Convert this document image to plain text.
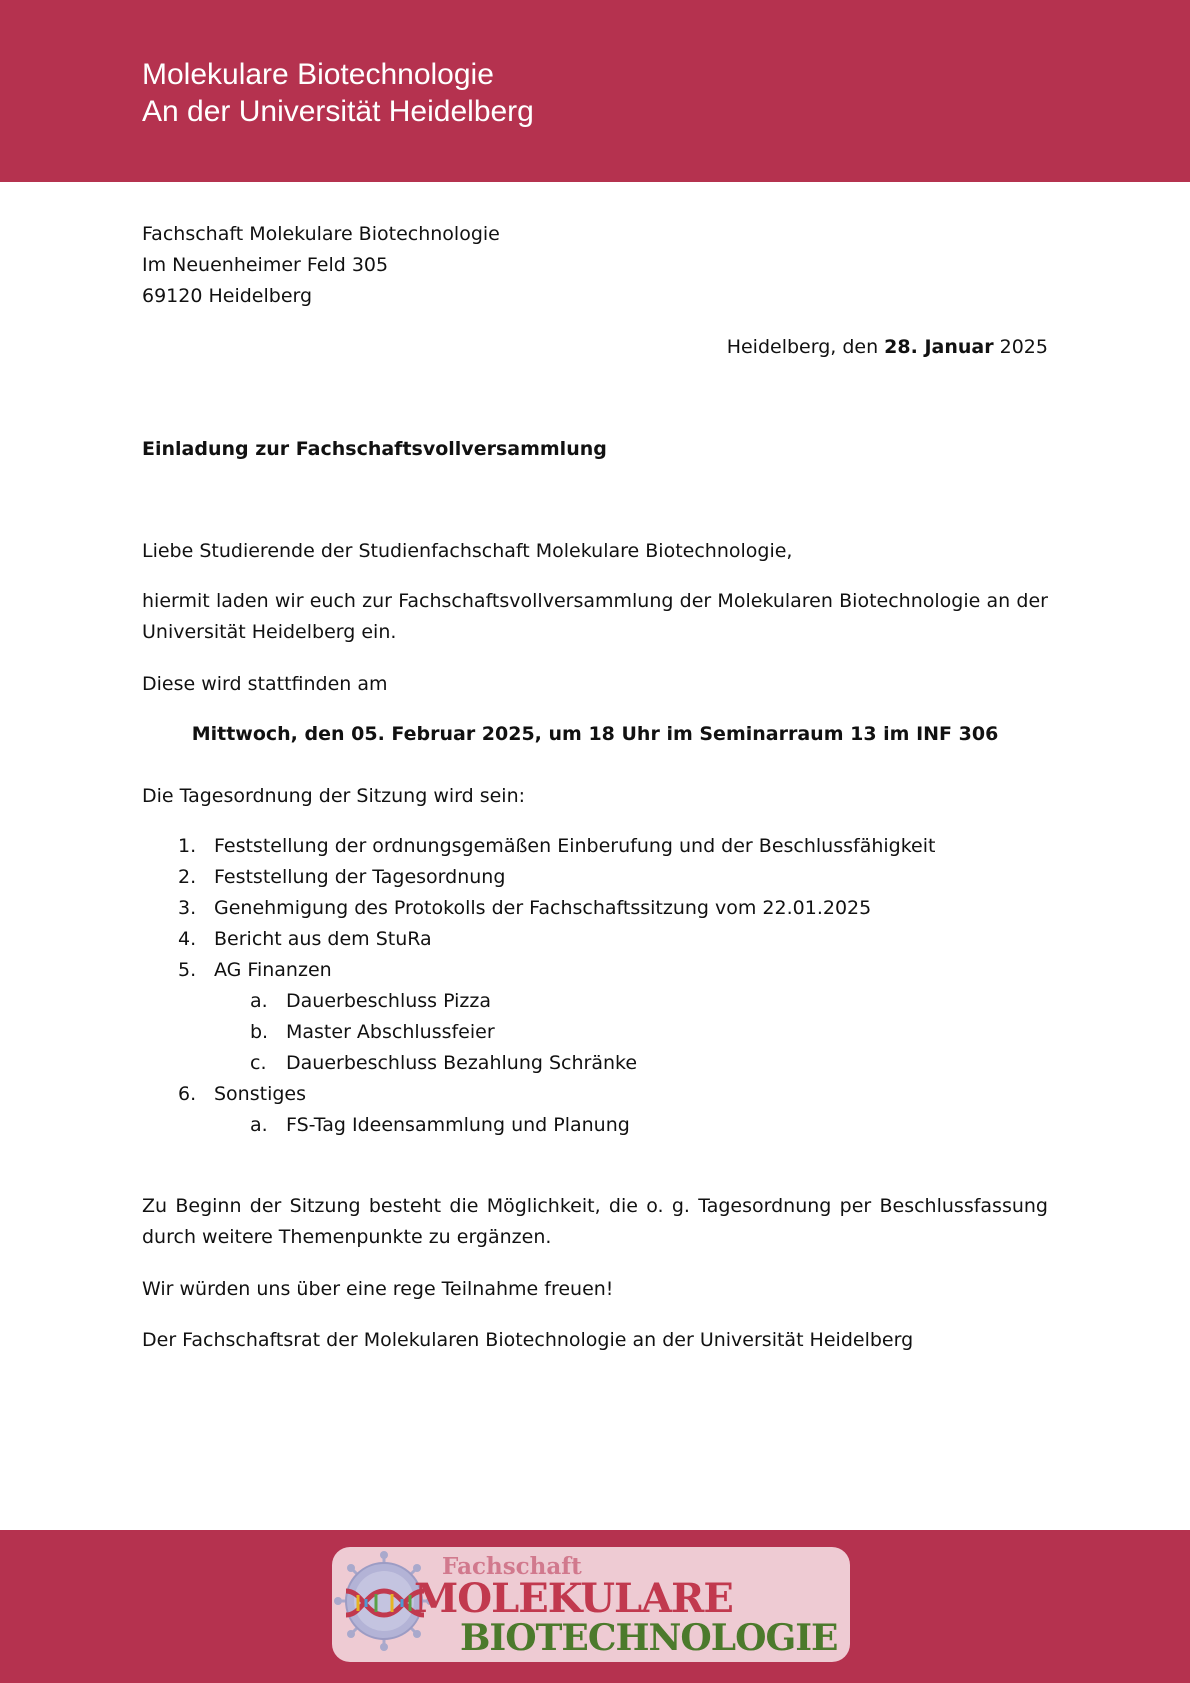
Molekulare Biotechnologie
An der Universität Heidelberg
Fachschaft Molekulare Biotechnologie
Im Neuenheimer Feld 305
69120 Heidelberg
Heidelberg, den 28. Januar 2025
Einladung zur Fachschaftsvollversammlung
Liebe Studierende der Studienfachschaft Molekulare Biotechnologie,
hiermit laden wir euch zur Fachschaftsvollversammlung der Molekularen Biotechnologie an der Universität Heidelberg ein.
Diese wird stattfinden am
Mittwoch, den 05. Februar 2025, um 18 Uhr im Seminarraum 13 im INF 306
Die Tagesordnung der Sitzung wird sein:
1. Feststellung der ordnungsgemäßen Einberufung und der Beschlussfähigkeit
2. Feststellung der Tagesordnung
3. Genehmigung des Protokolls der Fachschaftssitzung vom 22.01.2025
4. Bericht aus dem StuRa
5. AG Finanzen
a. Dauerbeschluss Pizza
b. Master Abschlussfeier
c.	Dauerbeschluss Bezahlung Schränke
6. Sonstiges
a. FS-Tag Ideensammlung und Planung
Zu Beginn der Sitzung besteht die Möglichkeit, die o. g. Tagesordnung per Beschlussfassung durch weitere Themenpunkte zu ergänzen.
Wir würden uns über eine rege Teilnahme freuen!
Der Fachschaftsrat der Molekularen Biotechnologie an der Universität Heidelberg
Fachschaft
MOLEKULARE
BIOTECHNOLOGIE
